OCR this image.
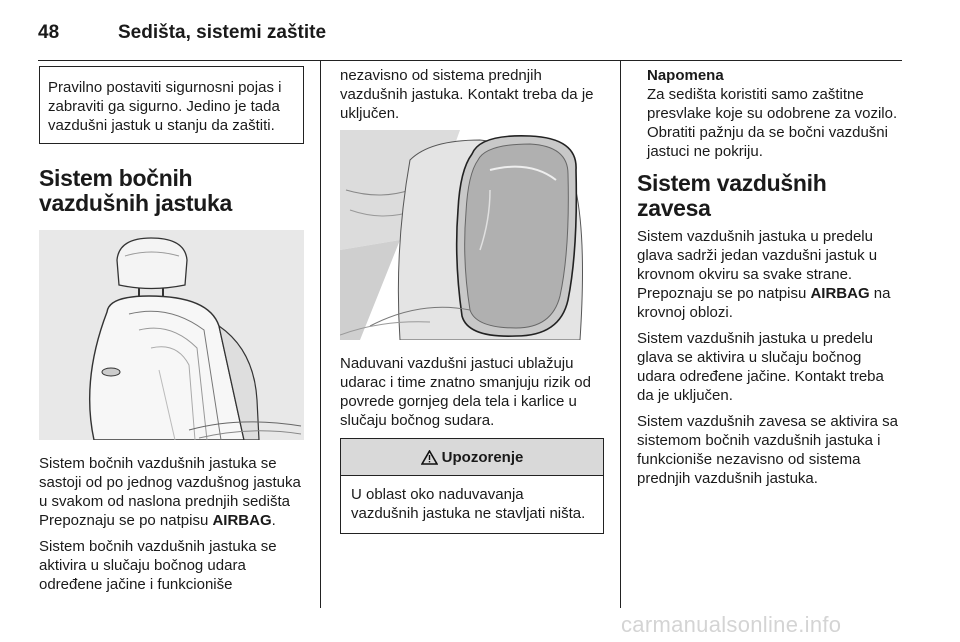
48	Sedišta, sistemi zaštite

Pravilno postaviti sigurnosni pojas i zabraviti ga sigurno. Jedino je tada vazdušni jastuk u stanju da zaštiti.

Sistem bočnih vazdušnih jastuka

Sistem bočnih vazdušnih jastuka se sastoji od po jednog vazdušnog jastuka u svakom od naslona prednjih sedišta Prepoznaju se po natpisu AIRBAG.

Sistem bočnih vazdušnih jastuka se aktivira u slučaju bočnog udara određene jačine i funkcioniše

nezavisno od sistema prednjih vazdušnih jastuka. Kontakt treba da je uključen.

Naduvani vazdušni jastuci ublažuju udarac i time znatno smanjuju rizik od povrede gornjeg dela tela i karlice u slučaju bočnog sudara.

Upozorenje

U oblast oko naduvavanja vazdušnih jastuka ne stavljati ništa.

Napomena

Za sedišta koristiti samo zaštitne presvlake koje su odobrene za vozilo. Obratiti pažnju da se bočni vazdušni jastuci ne pokriju.

Sistem vazdušnih zavesa

Sistem vazdušnih jastuka u predelu glava sadrži jedan vazdušni jastuk u krovnom okviru sa svake strane. Prepoznaju se po natpisu AIRBAG na krovnoj oblozi.

Sistem vazdušnih jastuka u predelu glava se aktivira u slučaju bočnog udara određene jačine. Kontakt treba da je uključen.

Sistem vazdušnih zavesa se aktivira sa sistemom bočnih vazdušnih jastuka i funkcioniše nezavisno od sistema prednjih vazdušnih jastuka.

carmanualsonline.info
